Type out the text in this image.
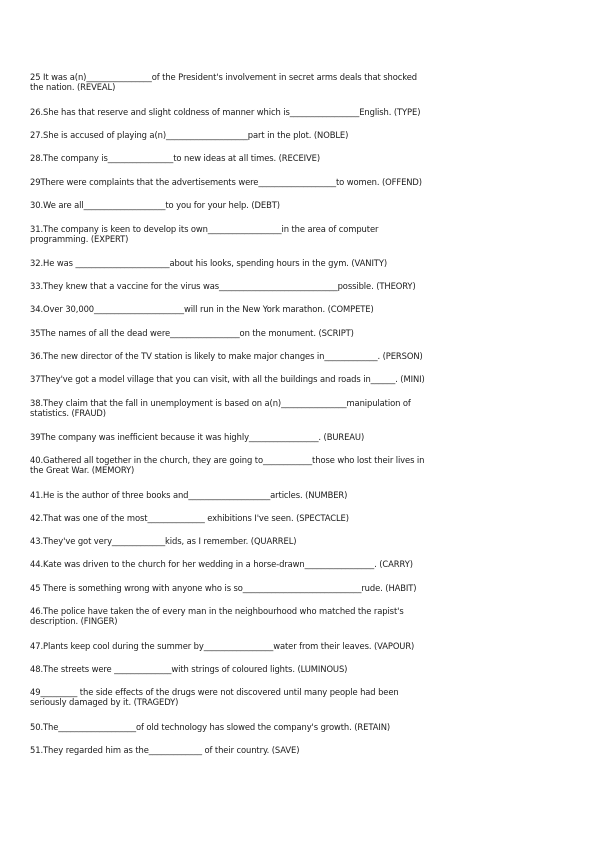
25 It was a(n)________________of the President's involvement in secret arms deals that shocked
the nation. (REVEAL)
26.She has that reserve and slight coldness of manner which is_________________English. (TYPE)
27.She is accused of playing a(n)____________________part in the plot. (NOBLE)
28.The company is________________to new ideas at all times. (RECEIVE)
29There were complaints that the advertisements were___________________to women. (OFFEND)
30.We are all____________________to you for your help. (DEBT)
31.The company is keen to develop its own__________________in the area of computer
programming. (EXPERT)
32.He was _______________________about his looks, spending hours in the gym. (VANITY)
33.They knew that a vaccine for the virus was_____________________________possible. (THEORY)
34.Over 30,000______________________will run in the New York marathon. (COMPETE)
35The names of all the dead were_________________on the monument. (SCRIPT)
36.The new director of the TV station is likely to make major changes in_____________. (PERSON)
37They've got a model village that you can visit, with all the buildings and roads in______. (MINI)
38.They claim that the fall in unemployment is based on a(n)________________manipulation of
statistics. (FRAUD)
39The company was inefficient because it was highly_________________. (BUREAU)
40.Gathered all together in the church, they are going to____________those who lost their lives in
the Great War. (MEMORY)
41.He is the author of three books and____________________articles. (NUMBER)
42.That was one of the most______________ exhibitions I've seen. (SPECTACLE)
43.They've got very_____________kids, as I remember. (QUARREL)
44.Kate was driven to the church for her wedding in a horse-drawn_________________. (CARRY)
45 There is something wrong with anyone who is so_____________________________rude. (HABIT)
46.The police have taken the of every man in the neighbourhood who matched the rapist's
description. (FINGER)
47.Plants keep cool during the summer by_________________water from their leaves. (VAPOUR)
48.The streets were ______________with strings of coloured lights. (LUMINOUS)
49_________ the side effects of the drugs were not discovered until many people had been
seriously damaged by it. (TRAGEDY)
50.The___________________of old technology has slowed the company's growth. (RETAIN)
51.They regarded him as the_____________ of their country. (SAVE)
